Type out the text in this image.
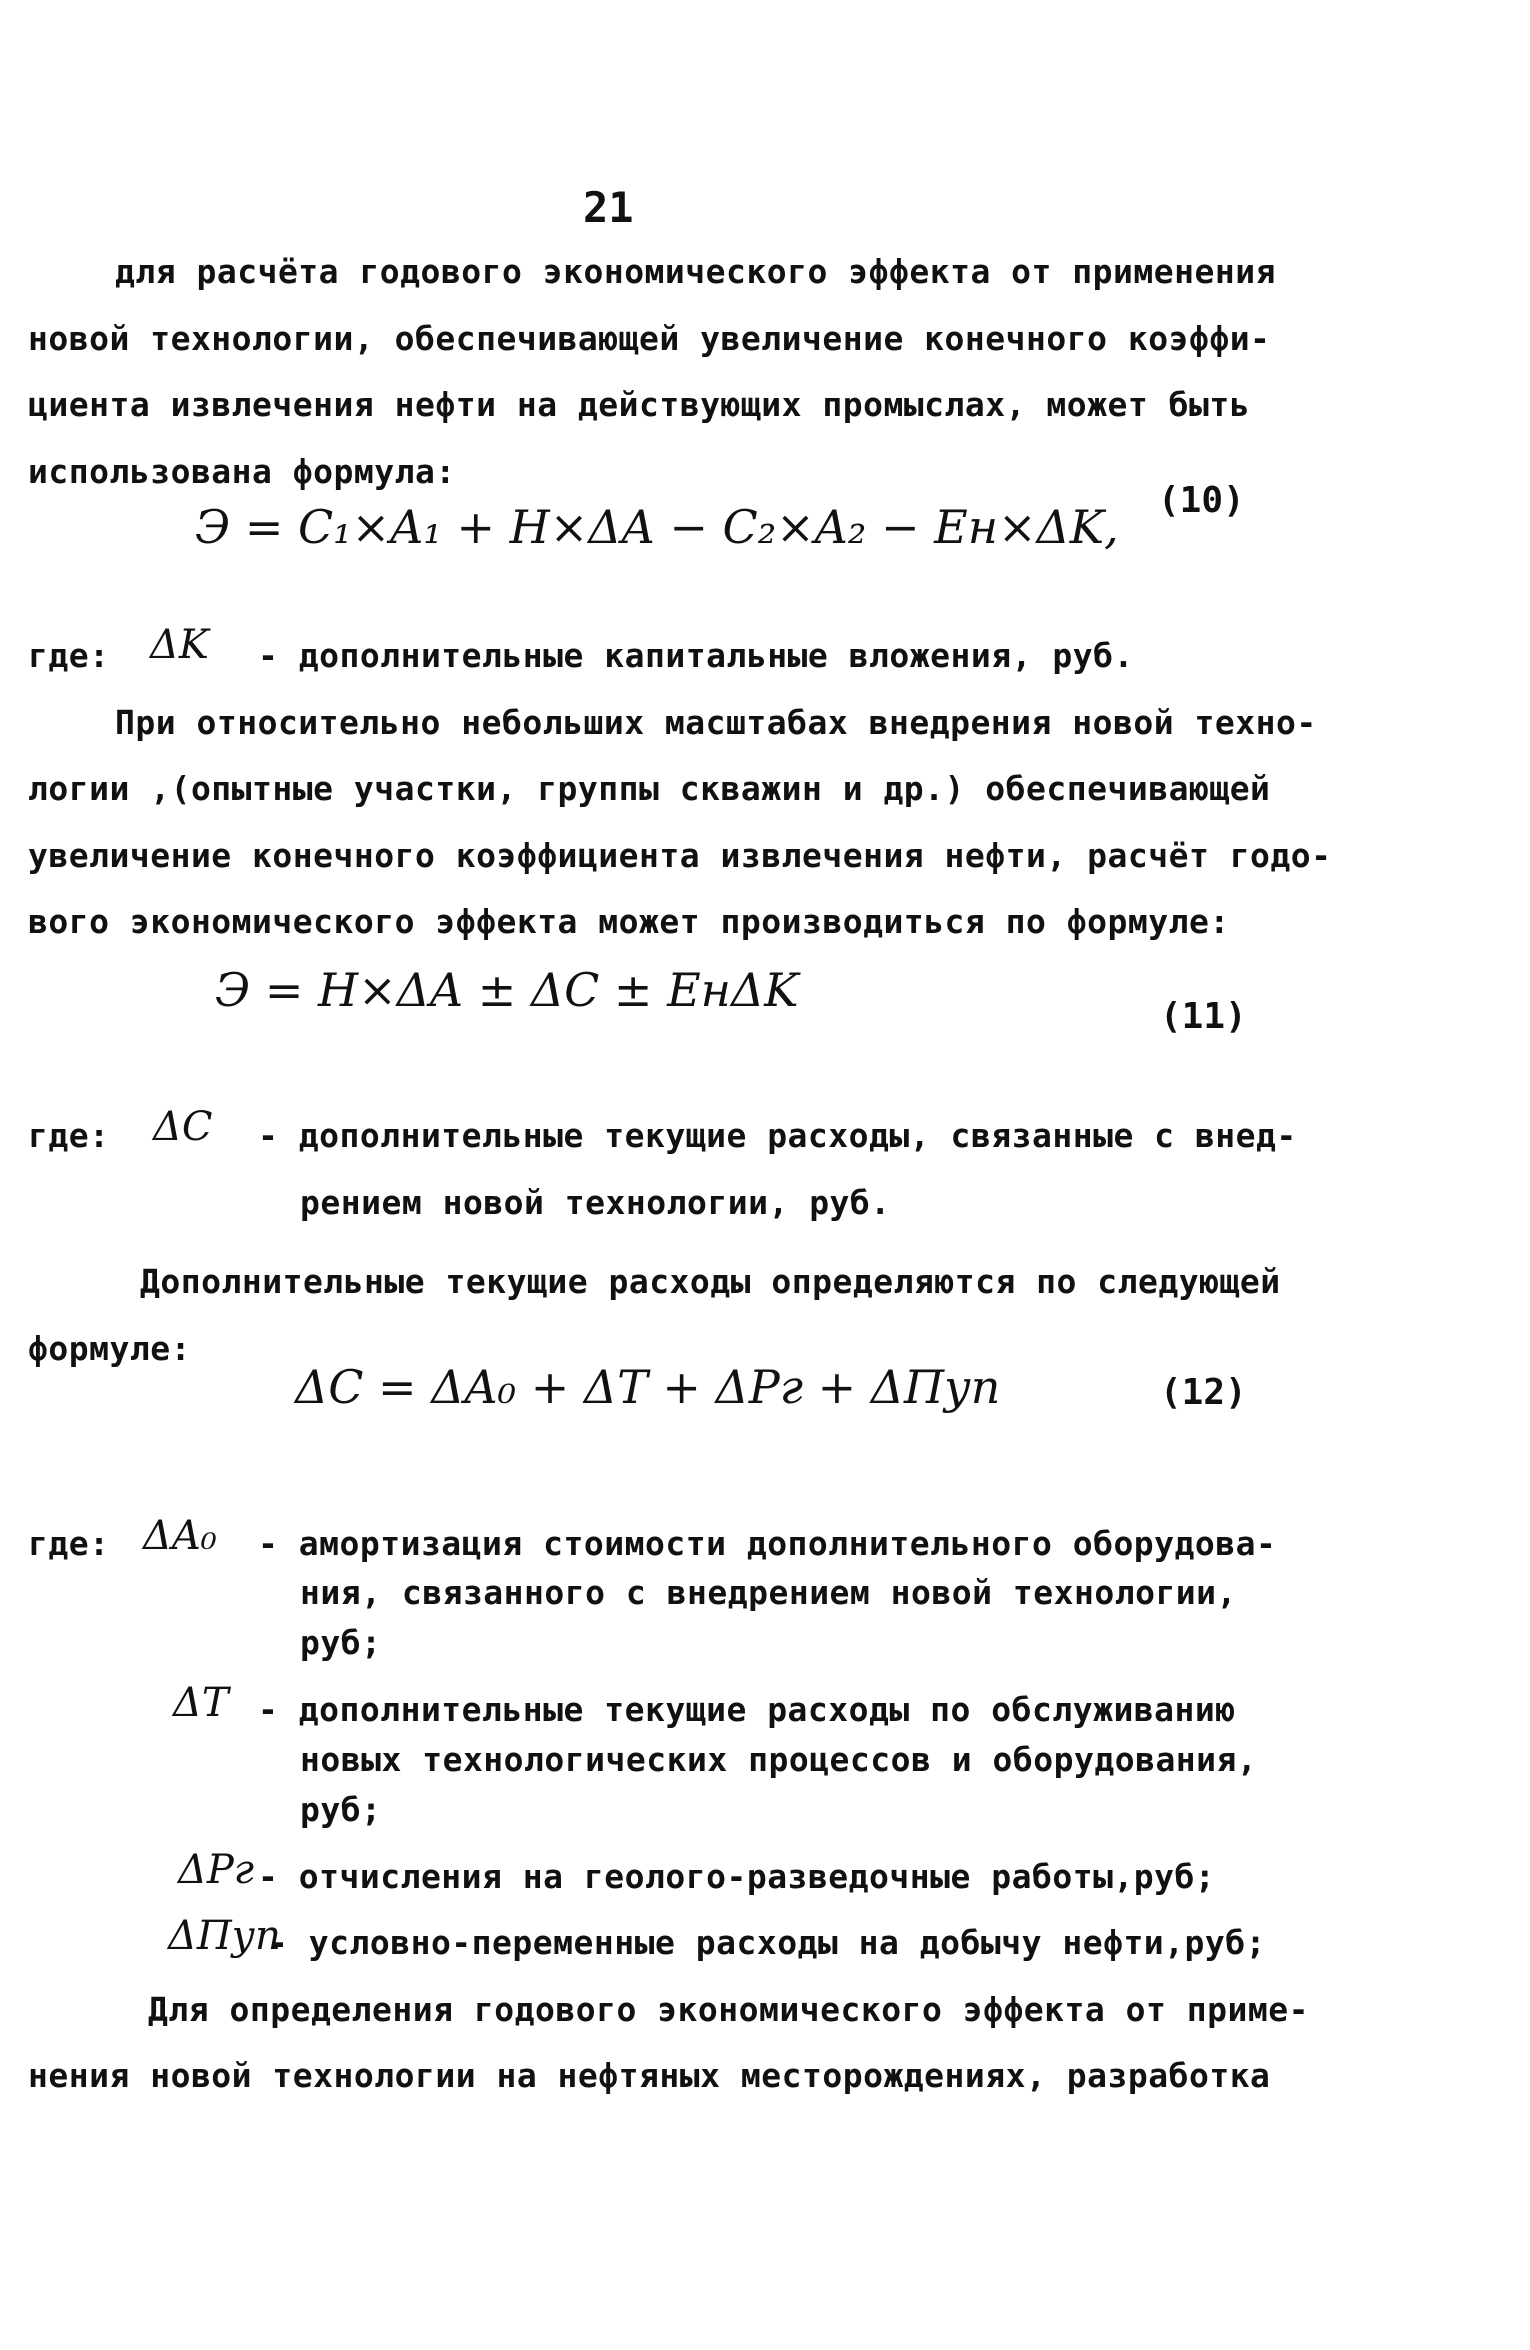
21
для расчёта годового экономического эффекта от применения
новой технологии, обеспечивающей увеличение конечного коэффи-
циента извлечения нефти на действующих промыслах, может быть
использована формула:
Э = C₁×A₁ + H×ΔA − C₂×A₂ − Eн×ΔK, (10)
где: ΔK - дополнительные капитальные вложения, руб.
При относительно небольших масштабах внедрения новой техно-
логии ,(опытные участки, группы скважин и др.) обеспечивающей
увеличение конечного коэффициента извлечения нефти, расчёт годо-
вого экономического эффекта может производиться по формуле:
Э = H×ΔA ± ΔC ± EнΔK	(11)
где: ΔC - дополнительные текущие расходы, связанные с внед-
рением новой технологии, руб.
Дополнительные текущие расходы определяются по следующей
формуле:
ΔC = ΔA₀ + ΔT + ΔPг + ΔПуп	(12)
где: ΔA₀ - амортизация стоимости дополнительного оборудова-
ния, связанного с внедрением новой технологии,
руб;
ΔT - дополнительные текущие расходы по обслуживанию
новых технологических процессов и оборудования,
руб;
ΔPг - отчисления на геолого-разведочные работы,руб;
ΔПуп
- условно-переменные расходы на добычу нефти,руб;
Для определения годового экономического эффекта от приме-
нения новой технологии на нефтяных месторождениях, разработка
